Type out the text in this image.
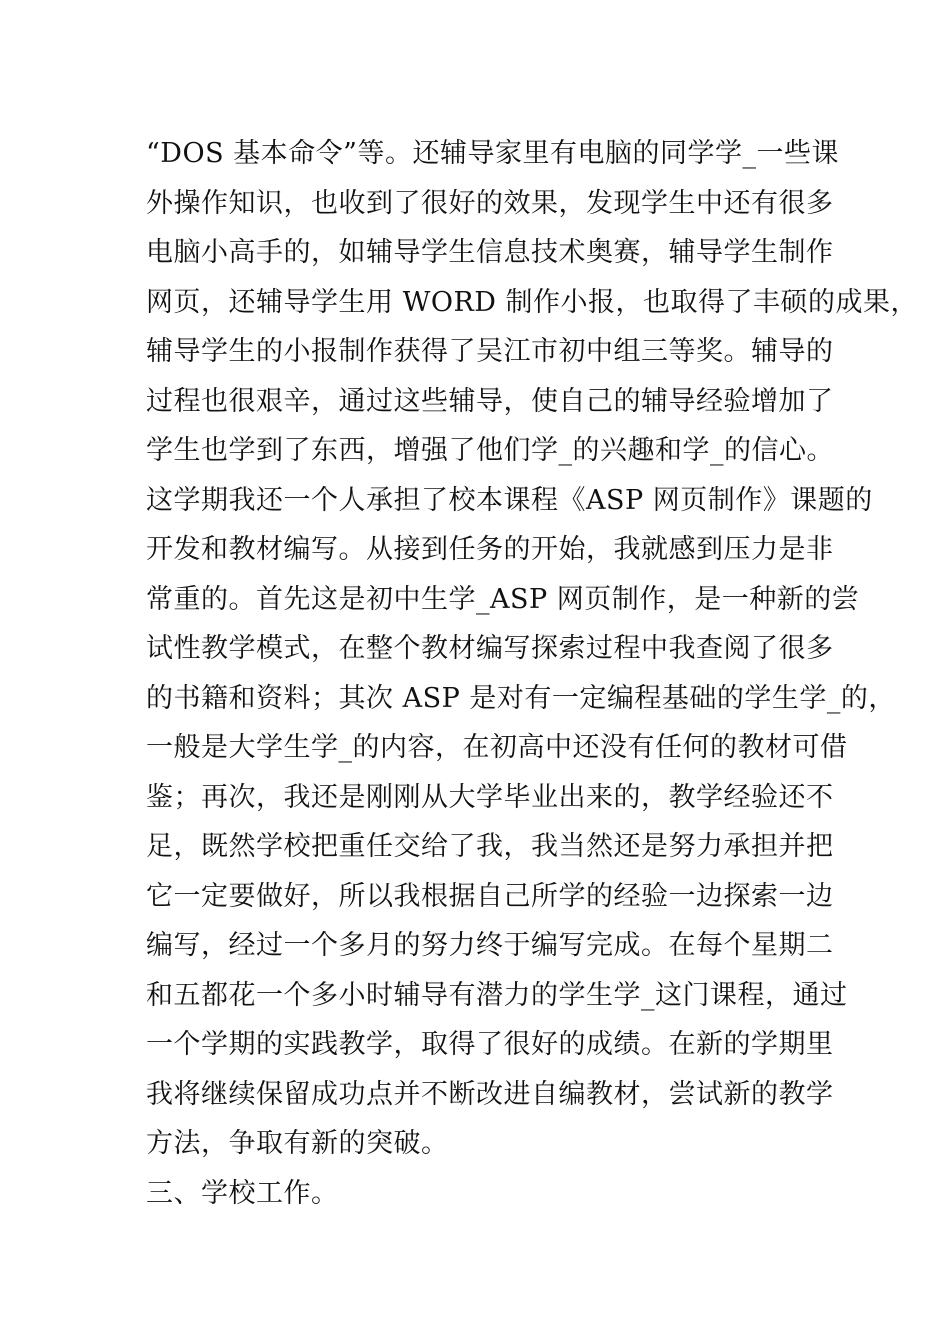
“DOS 基本命令”等。还辅导家里有电脑的同学学_一些课
外操作知识，也收到了很好的效果，发现学生中还有很多
电脑小高手的，如辅导学生信息技术奥赛，辅导学生制作
网页，还辅导学生用 WORD 制作小报，也取得了丰硕的成果，
辅导学生的小报制作获得了吴江市初中组三等奖。辅导的
过程也很艰辛，通过这些辅导，使自己的辅导经验增加了
学生也学到了东西，增强了他们学_的兴趣和学_的信心。
这学期我还一个人承担了校本课程《ASP 网页制作》课题的
开发和教材编写。从接到任务的开始，我就感到压力是非
常重的。首先这是初中生学_ASP 网页制作，是一种新的尝
试性教学模式，在整个教材编写探索过程中我查阅了很多
的书籍和资料；其次 ASP 是对有一定编程基础的学生学_的，
一般是大学生学_的内容，在初高中还没有任何的教材可借
鉴；再次，我还是刚刚从大学毕业出来的，教学经验还不
足，既然学校把重任交给了我，我当然还是努力承担并把
它一定要做好，所以我根据自己所学的经验一边探索一边
编写，经过一个多月的努力终于编写完成。在每个星期二
和五都花一个多小时辅导有潜力的学生学_这门课程，通过
一个学期的实践教学，取得了很好的成绩。在新的学期里
我将继续保留成功点并不断改进自编教材，尝试新的教学
方法，争取有新的突破。
三、学校工作。
